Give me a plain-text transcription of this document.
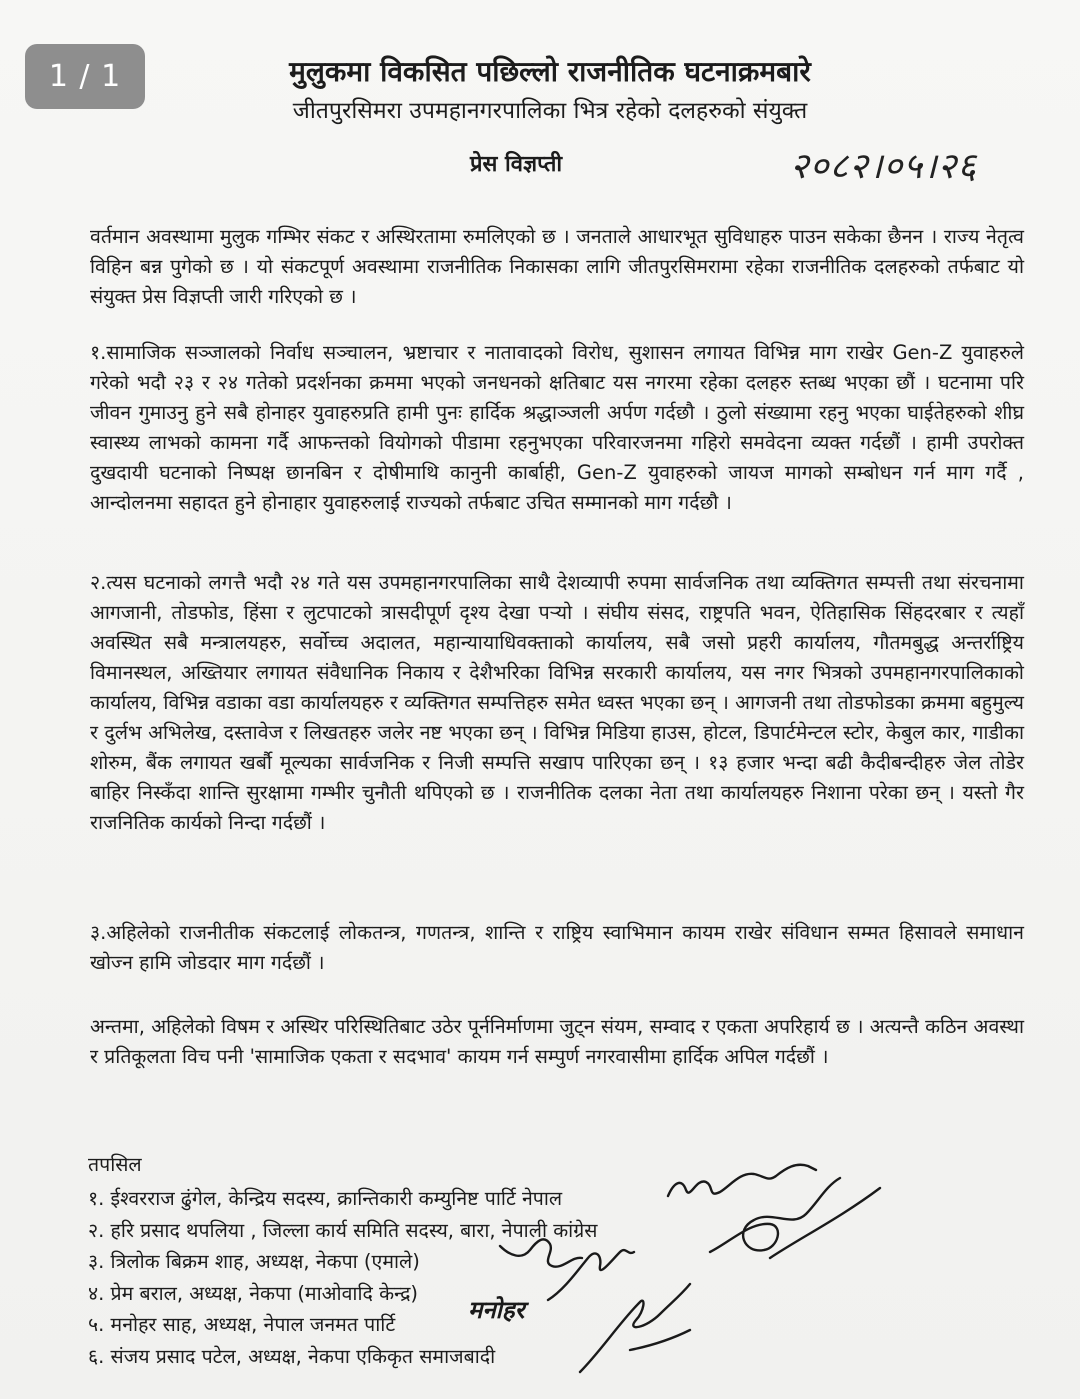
1 / 1	मुलुकमा विकसित पछिल्लो राजनीतिक घटनाक्रमबारे
जीतपुरसिमरा उपमहानगरपालिका भित्र रहेको दलहरुको संयुक्त
प्रेस विज्ञप्ती	२०८२।०५।२६

वर्तमान अवस्थामा मुलुक गम्भिर संकट र अस्थिरतामा रुमलिएको छ । जनताले आधारभूत सुविधाहरु पाउन सकेका छैनन । राज्य नेतृत्व विहिन बन्न पुगेको छ । यो संकटपूर्ण अवस्थामा राजनीतिक निकासका लागि जीतपुरसिमरामा रहेका राजनीतिक दलहरुको तर्फबाट यो संयुक्त प्रेस विज्ञप्ती जारी गरिएको छ ।

१.सामाजिक सञ्जालको निर्वाध सञ्चालन, भ्रष्टाचार र नातावादको विरोध, सुशासन लगायत विभिन्न माग राखेर Gen-Z युवाहरुले गरेको भदौ २३ र २४ गतेको प्रदर्शनका क्रममा भएको जनधनको क्षतिबाट यस नगरमा रहेका दलहरु स्तब्ध भएका छौं । घटनामा परि जीवन गुमाउनु हुने सबै होनाहर युवाहरुप्रति हामी पुनः हार्दिक श्रद्धाञ्जली अर्पण गर्दछौ । ठुलो संख्यामा रहनु भएका घाईतेहरुको शीघ्र स्वास्थ्य लाभको कामना गर्दै आफन्तको वियोगको पीडामा रहनुभएका परिवारजनमा गहिरो समवेदना व्यक्त गर्दछौं । हामी उपरोक्त दुखदायी घटनाको निष्पक्ष छानबिन र दोषीमाथि कानुनी कार्बाही, Gen-Z युवाहरुको जायज मागको सम्बोधन गर्न माग गर्दै , आन्दोलनमा सहादत हुने होनाहार युवाहरुलाई राज्यको तर्फबाट उचित सम्मानको माग गर्दछौ ।

२.त्यस घटनाको लगत्तै भदौ २४ गते यस उपमहानगरपालिका साथै देशव्यापी रुपमा सार्वजनिक तथा व्यक्तिगत सम्पत्ती तथा संरचनामा आगजानी, तोडफोड, हिंसा र लुटपाटको त्रासदीपूर्ण दृश्य देखा पऱ्यो । संघीय संसद, राष्ट्रपति भवन, ऐतिहासिक सिंहदरबार र त्यहाँ अवस्थित सबै मन्त्रालयहरु, सर्वोच्च अदालत, महान्यायाधिवक्ताको कार्यालय, सबै जसो प्रहरी कार्यालय, गौतमबुद्ध अन्तर्राष्ट्रिय विमानस्थल, अख्तियार लगायत संवैधानिक निकाय र देशैभरिका विभिन्न सरकारी कार्यालय, यस नगर भित्रको उपमहानगरपालिकाको कार्यालय, विभिन्न वडाका वडा कार्यालयहरु र व्यक्तिगत सम्पत्तिहरु समेत ध्वस्त भएका छन् । आगजनी तथा तोडफोडका क्रममा बहुमुल्य र दुर्लभ अभिलेख, दस्तावेज र लिखतहरु जलेर नष्ट भएका छन् । विभिन्न मिडिया हाउस, होटल, डिपार्टमेन्टल स्टोर, केबुल कार, गाडीका शोरुम, बैंक लगायत खर्बौ मूल्यका सार्वजनिक र निजी सम्पत्ति सखाप पारिएका छन् । १३ हजार भन्दा बढी कैदीबन्दीहरु जेल तोडेर बाहिर निस्कँदा शान्ति सुरक्षामा गम्भीर चुनौती थपिएको छ । राजनीतिक दलका नेता तथा कार्यालयहरु निशाना परेका छन् । यस्तो गैर राजनितिक कार्यको निन्दा गर्दछौं ।

३.अहिलेको राजनीतीक संकटलाई लोकतन्त्र, गणतन्त्र, शान्ति र राष्ट्रिय स्वाभिमान कायम राखेर संविधान सम्मत हिसावले समाधान खोज्न हामि जोडदार माग गर्दछौं ।

अन्तमा, अहिलेको विषम र अस्थिर परिस्थितिबाट उठेर पूर्ननिर्माणमा जुट्न संयम, सम्वाद र एकता अपरिहार्य छ । अत्यन्तै कठिन अवस्था र प्रतिकूलता विच पनी 'सामाजिक एकता र सदभाव' कायम गर्न सम्पुर्ण नगरवासीमा हार्दिक अपिल गर्दछौं ।

तपसिल
१. ईश्वरराज ढुंगेल, केन्द्रिय सदस्य, क्रान्तिकारी कम्युनिष्ट पार्टि नेपाल
२. हरि प्रसाद थपलिया , जिल्ला कार्य समिति सदस्य, बारा, नेपाली कांग्रेस
३. त्रिलोक बिक्रम शाह, अध्यक्ष, नेकपा (एमाले)
४. प्रेम बराल, अध्यक्ष, नेकपा (माओवादि केन्द्र)
५. मनोहर साह, अध्यक्ष, नेपाल जनमत पार्टि
६. संजय प्रसाद पटेल, अध्यक्ष, नेकपा एकिकृत समाजबादी
मनोहर
